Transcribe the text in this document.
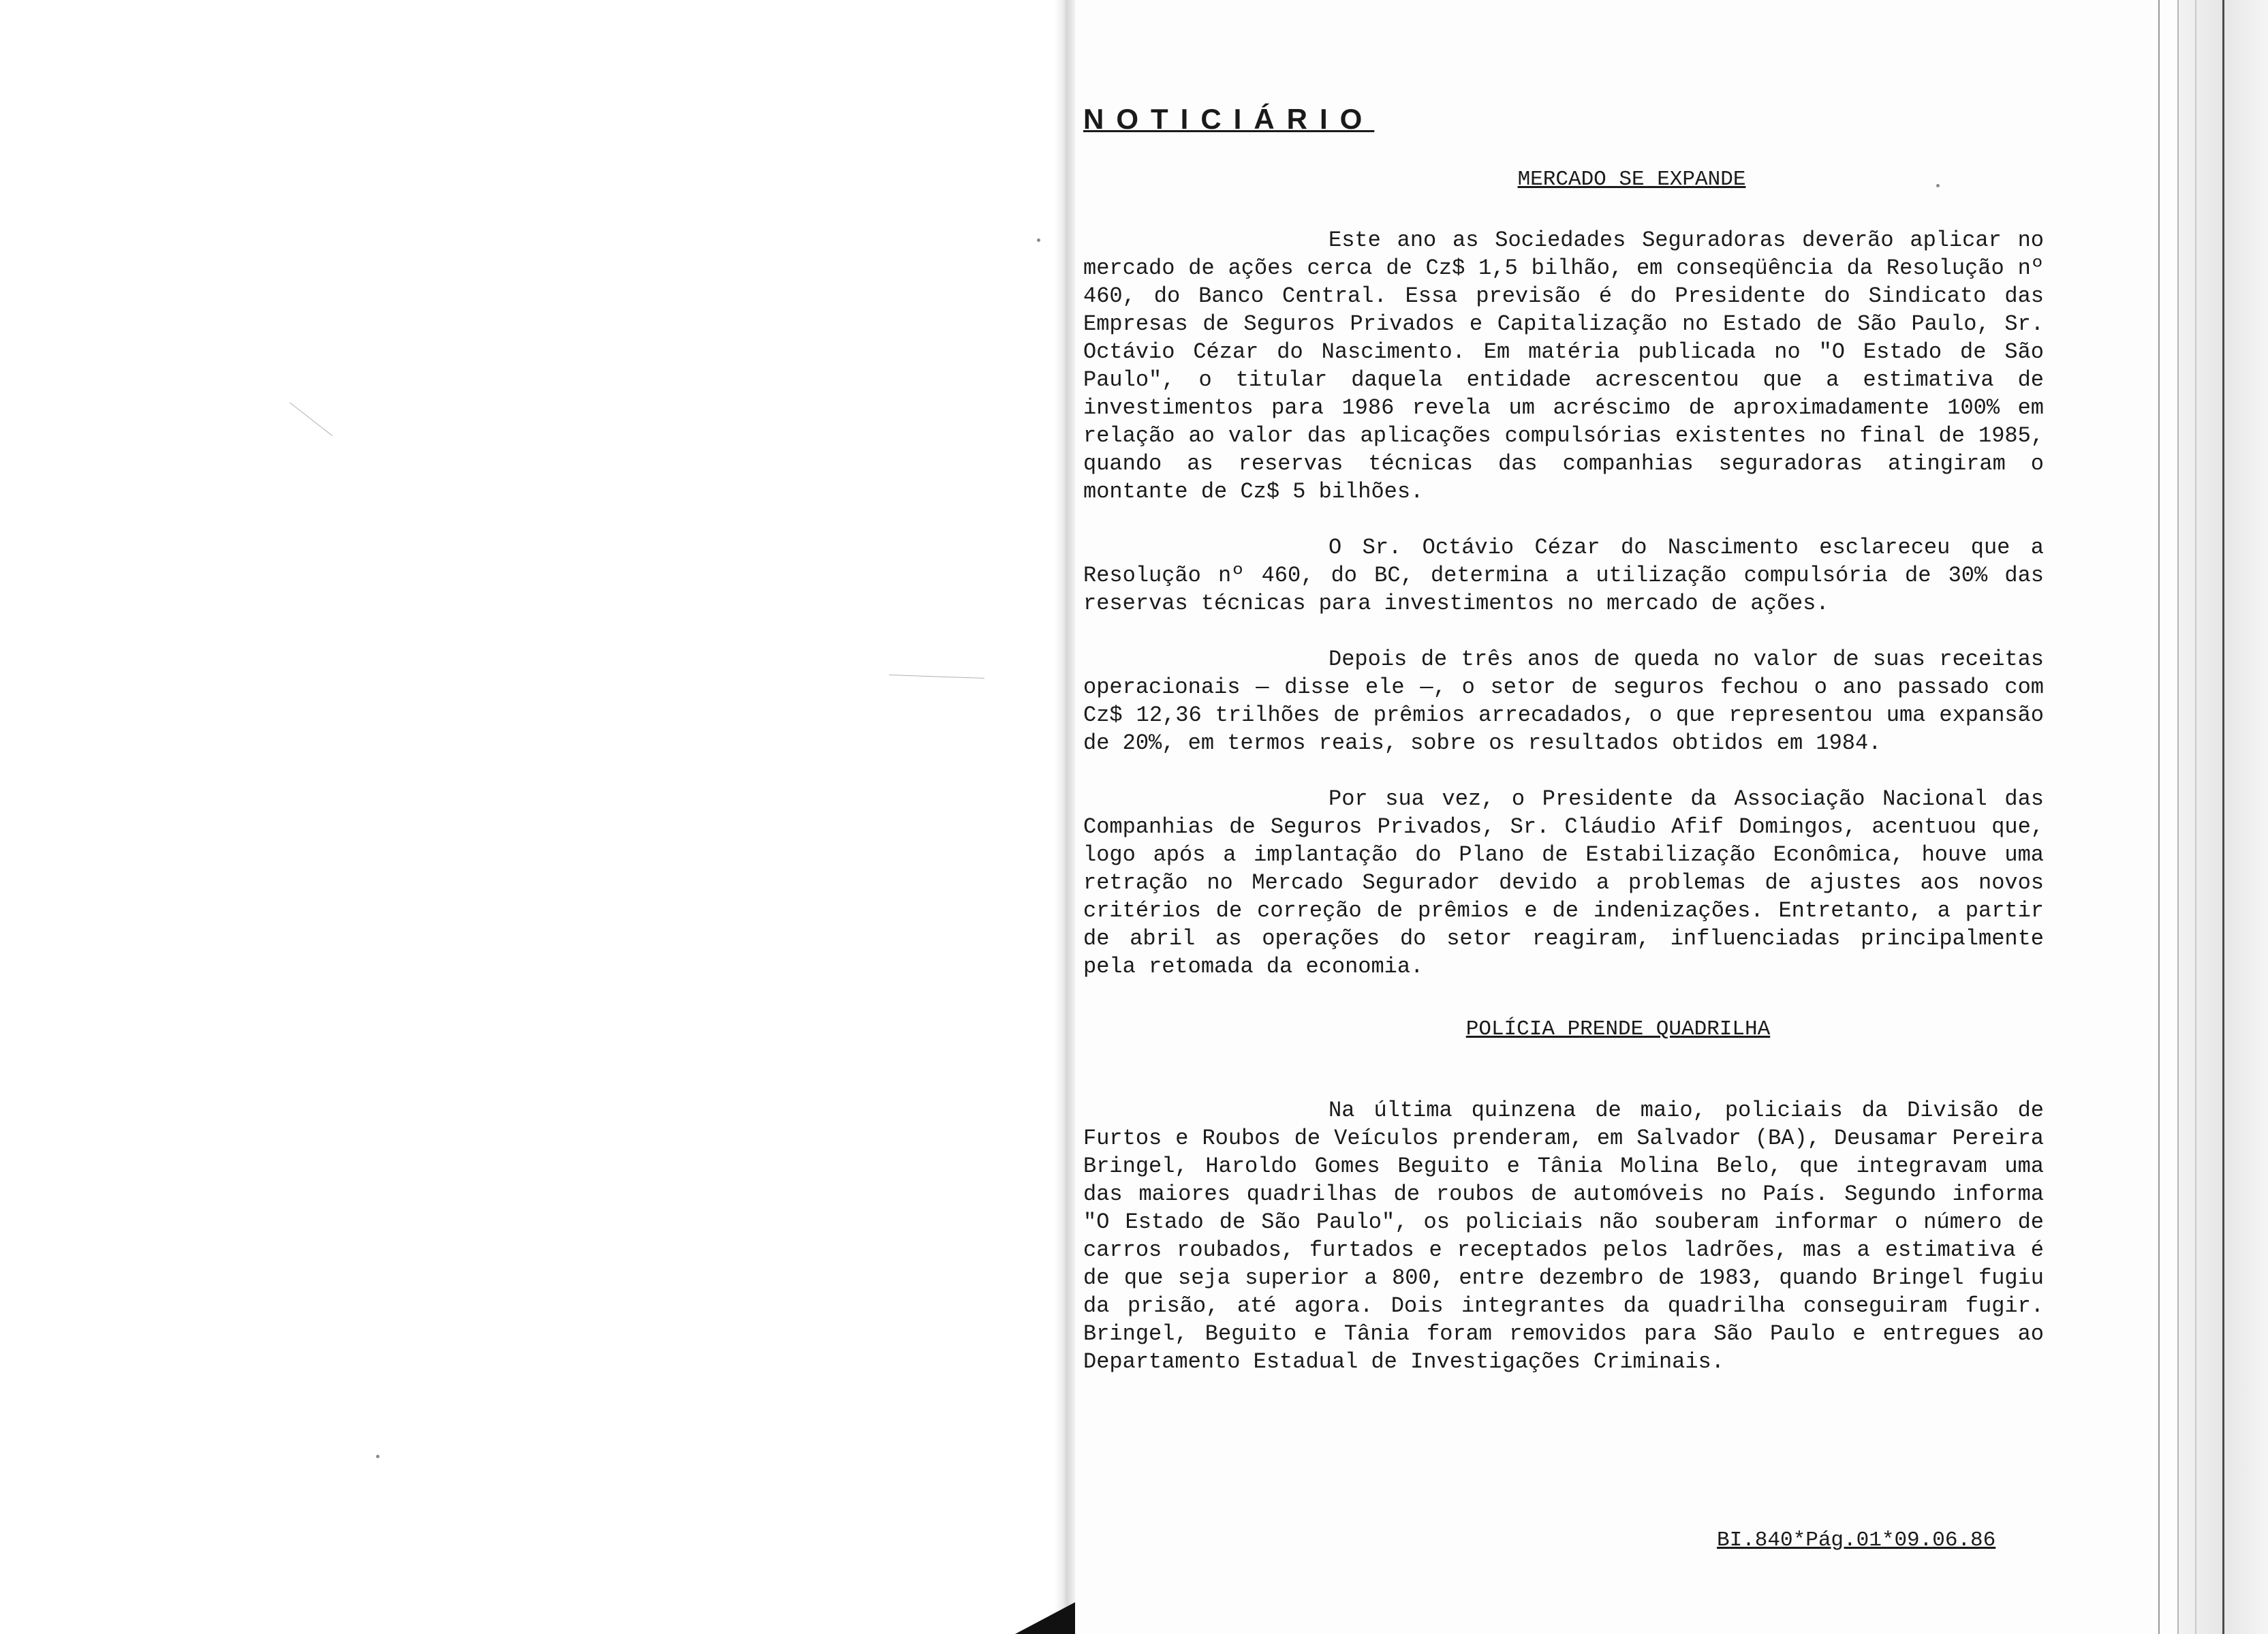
NOTICIÁRIO
MERCADO SE EXPANDE

Este ano as Sociedades Seguradoras deverão aplicar no mercado de ações cerca de Cz$ 1,5 bilhão, em conseqüência da Resolução nº 460, do Banco Central. Essa previsão é do Presidente do Sindicato das Empresas de Seguros Privados e Capitalização no Estado de São Paulo, Sr. Octávio Cézar do Nascimento. Em matéria publicada no "O Estado de São Paulo", o titular daquela entidade acrescentou que a estimativa de investimentos para 1986 revela um acréscimo de aproximadamente 100% em relação ao valor das aplicações compulsórias existentes no final de 1985, quando as reservas técnicas das companhias seguradoras atingiram o montante de Cz$ 5 bilhões.

O Sr. Octávio Cézar do Nascimento esclareceu que a Resolução nº 460, do BC, determina a utilização compulsória de 30% das reservas técnicas para investimentos no mercado de ações.

Depois de três anos de queda no valor de suas receitas operacionais — disse ele —, o setor de seguros fechou o ano passado com Cz$ 12,36 trilhões de prêmios arrecadados, o que representou uma expansão de 20%, em termos reais, sobre os resultados obtidos em 1984.

Por sua vez, o Presidente da Associação Nacional das Companhias de Seguros Privados, Sr. Cláudio Afif Domingos, acentuou que, logo após a implantação do Plano de Estabilização Econômica, houve uma retração no Mercado Segurador devido a problemas de ajustes aos novos critérios de correção de prêmios e de indenizações. Entretanto, a partir de abril as operações do setor reagiram, influenciadas principalmente pela retomada da economia.

POLÍCIA PRENDE QUADRILHA

Na última quinzena de maio, policiais da Divisão de Furtos e Roubos de Veículos prenderam, em Salvador (BA), Deusamar Pereira Bringel, Haroldo Gomes Beguito e Tânia Molina Belo, que integravam uma das maiores quadrilhas de roubos de automóveis no País. Segundo informa "O Estado de São Paulo", os policiais não souberam informar o número de carros roubados, furtados e receptados pelos ladrões, mas a estimativa é de que seja superior a 800, entre dezembro de 1983, quando Bringel fugiu da prisão, até agora. Dois integrantes da quadrilha conseguiram fugir. Bringel, Beguito e Tânia foram removidos para São Paulo e entregues ao Departamento Estadual de Investigações Criminais.

BI.840*Pág.01*09.06.86
